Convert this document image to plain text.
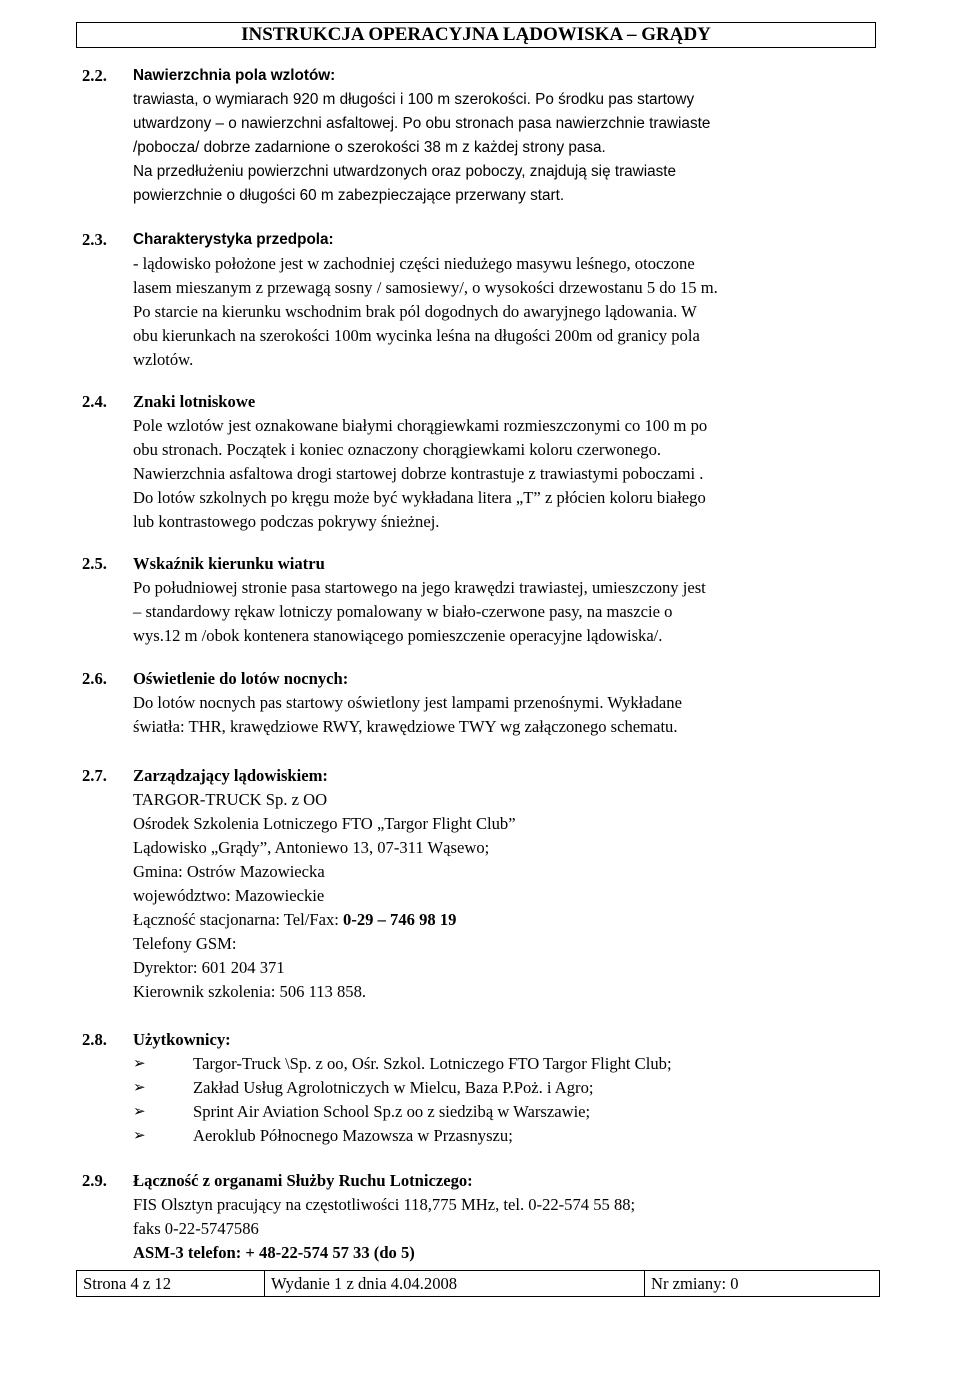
INSTRUKCJA OPERACYJNA LĄDOWISKA – GRĄDY
2.2. Nawierzchnia pola wzlotów:
trawiasta, o wymiarach 920 m długości i 100 m szerokości. Po środku pas startowy
utwardzony – o nawierzchni asfaltowej. Po obu stronach pasa nawierzchnie trawiaste
/pobocza/ dobrze zadarnione o szerokości 38 m z każdej strony pasa.
Na przedłużeniu powierzchni utwardzonych oraz poboczy, znajdują się trawiaste
powierzchnie o długości 60 m zabezpieczające przerwany start.
2.3. Charakterystyka przedpola:
- lądowisko położone jest w zachodniej części niedużego masywu leśnego, otoczone
lasem mieszanym z przewagą sosny / samosiewy/, o wysokości drzewostanu 5 do 15 m.
Po starcie na kierunku wschodnim brak pól dogodnych do awaryjnego lądowania. W
obu kierunkach na szerokości 100m wycinka leśna na długości 200m od granicy pola
wzlotów.
2.4. Znaki lotniskowe
Pole wzlotów jest oznakowane białymi chorągiewkami rozmieszczonymi co 100 m po
obu stronach. Początek i koniec oznaczony chorągiewkami koloru czerwonego.
Nawierzchnia asfaltowa drogi startowej dobrze kontrastuje z trawiastymi poboczami .
Do lotów szkolnych po kręgu może być wykładana litera „T” z płócien koloru białego
lub kontrastowego podczas pokrywy śnieżnej.
2.5. Wskaźnik kierunku wiatru
Po południowej stronie pasa startowego na jego krawędzi trawiastej, umieszczony jest
– standardowy rękaw lotniczy pomalowany w biało-czerwone pasy, na maszcie o
wys.12 m /obok kontenera stanowiącego pomieszczenie operacyjne lądowiska/.
2.6. Oświetlenie do lotów nocnych:
Do lotów nocnych pas startowy oświetlony jest lampami przenośnymi. Wykładane
światła: THR, krawędziowe RWY, krawędziowe TWY wg załączonego schematu.
2.7. Zarządzający lądowiskiem:
TARGOR-TRUCK Sp. z OO
Ośrodek Szkolenia Lotniczego FTO „Targor Flight Club”
Lądowisko „Grądy”, Antoniewo 13, 07-311 Wąsewo;
Gmina: Ostrów Mazowiecka
województwo: Mazowieckie
Łączność stacjonarna: Tel/Fax: 0-29 – 746 98 19
Telefony GSM:
Dyrektor: 601 204 371
Kierownik szkolenia: 506 113 858.
2.8. Użytkownicy:
➢	Targor-Truck \Sp. z oo, Ośr. Szkol. Lotniczego FTO Targor Flight Club;
➢	Zakład Usług Agrolotniczych w Mielcu, Baza P.Poż. i Agro;
➢	Sprint Air Aviation School Sp.z oo z siedzibą w Warszawie;
➢	Aeroklub Północnego Mazowsza w Przasnyszu;
2.9. Łączność z organami Służby Ruchu Lotniczego:
FIS Olsztyn pracujący na częstotliwości 118,775 MHz, tel. 0-22-574 55 88;
faks 0-22-5747586
ASM-3 telefon: + 48-22-574 57 33 (do 5)
Strona 4 z 12	Wydanie 1 z dnia 4.04.2008	Nr zmiany: 0
